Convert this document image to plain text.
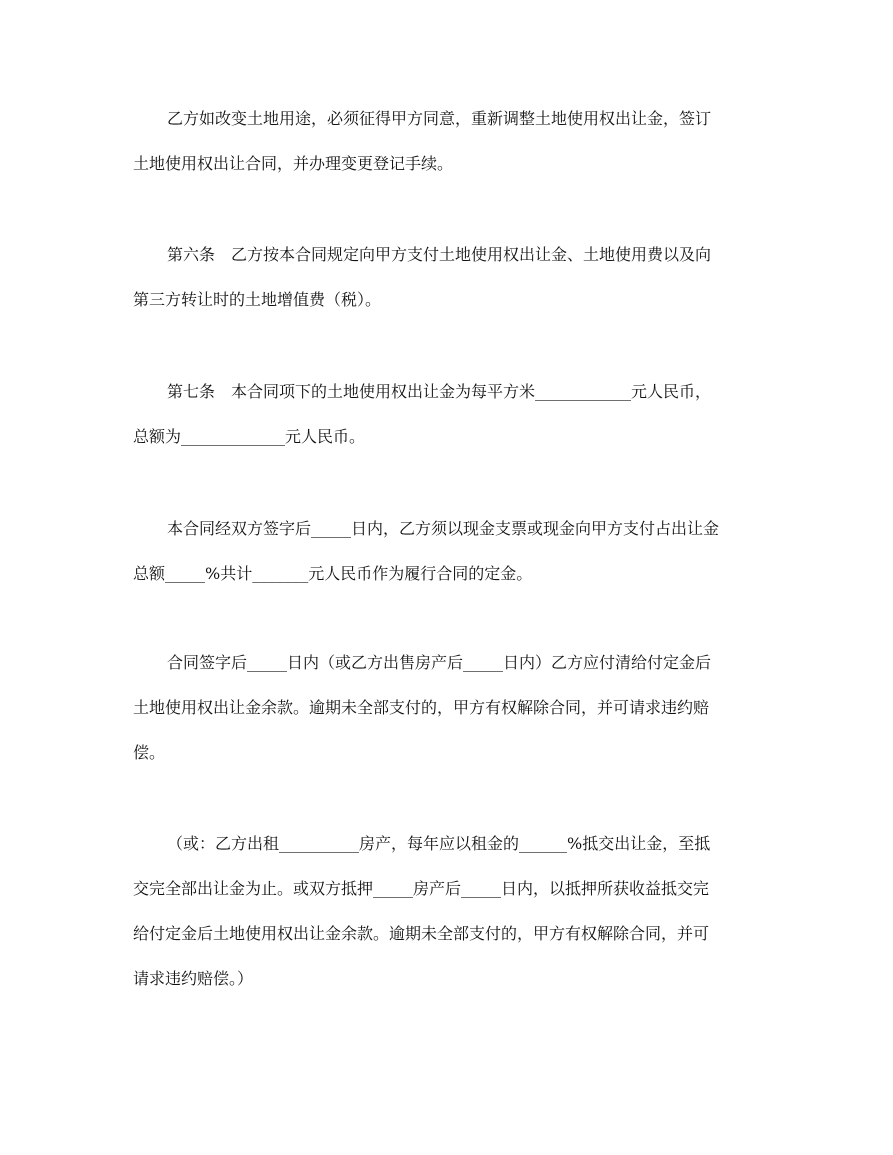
乙方如改变土地用途，必须征得甲方同意，重新调整土地使用权出让金，签订
土地使用权出让合同，并办理变更登记手续。
第六条　乙方按本合同规定向甲方支付土地使用权出让金、土地使用费以及向
第三方转让时的土地增值费（税）。
第七条　本合同项下的土地使用权出让金为每平方米____________元人民币，
总额为_____________元人民币。
本合同经双方签字后_____日内，乙方须以现金支票或现金向甲方支付占出让金
总额_____%共计_______元人民币作为履行合同的定金。
合同签字后_____日内（或乙方出售房产后_____日内）乙方应付清给付定金后
土地使用权出让金余款。逾期未全部支付的，甲方有权解除合同，并可请求违约赔
偿。
（或：乙方出租__________房产，每年应以租金的______%抵交出让金，至抵
交完全部出让金为止。或双方抵押_____房产后_____日内，以抵押所获收益抵交完
给付定金后土地使用权出让金余款。逾期未全部支付的，甲方有权解除合同，并可
请求违约赔偿。）
